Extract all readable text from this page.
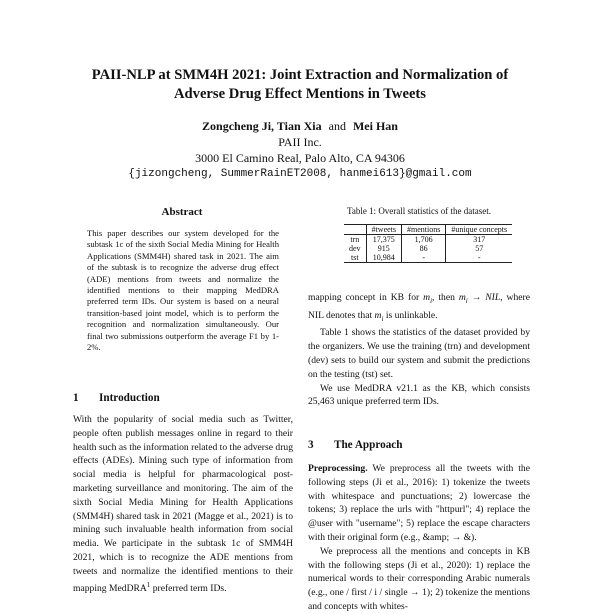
PAII-NLP at SMM4H 2021: Joint Extraction and Normalization of
Adverse Drug Effect Mentions in Tweets
Zongcheng Ji, Tian Xia and Mei Han
PAII Inc.
3000 El Camino Real, Palo Alto, CA 94306
{jizongcheng, SummerRainET2008, hanmei613}@gmail.com
Abstract
This paper describes our system developed for the subtask 1c of the sixth Social Media Mining for Health Applications (SMM4H) shared task in 2021. The aim of the subtask is to recognize the adverse drug effect (ADE) mentions from tweets and normalize the identified mentions to their mapping MedDRA preferred term IDs. Our system is based on a neural transition-based joint model, which is to perform the recognition and normalization simultaneously. Our final two submissions outperform the average F1 by 1-2%.
1 Introduction

With the popularity of social media such as Twitter, people often publish messages online in regard to their health such as the information related to the adverse drug effects (ADEs). Mining such type of information from social media is helpful for pharmacological post-marketing surveillance and monitoring. The aim of the sixth Social Media Mining for Health Applications (SMM4H) shared task in 2021 (Magge et al., 2021) is to mining such invaluable health information from social media. We participate in the subtask 1c of SMM4H 2021, which is to recognize the ADE mentions from tweets and normalize the identified mentions to their mapping MedDRA$^1$ preferred term IDs.

Table 1: Overall statistics of the dataset.
	#tweets	#mentions	#unique concepts
trn	17,375	1,706	317
dev	915	86	57
tst	10,984	-	-

mapping concept in KB for $m_i$, then $m_i$ → NIL, where NIL denotes that $m_i$ is unlinkable.

Table 1 shows the statistics of the dataset provided by the organizers. We use the training (trn) and development (dev) sets to build our system and submit the predictions on the testing (tst) set.

We use MedDRA v21.1 as the KB, which consists 25,463 unique preferred term IDs.

3 The Approach

Preprocessing. We preprocess all the tweets with the following steps (Ji et al., 2016): 1) tokenize the tweets with whitespace and punctuations; 2) lowercase the tokens; 3) replace the urls with "httpurl"; 4) replace the @user with "username"; 5) replace the escape characters with their original form (e.g., &amp; → &).

We preprocess all the mentions and concepts in KB with the following steps (Ji et al., 2020): 1) replace the numerical words to their corresponding Arabic numerals (e.g., one / first / i / single → 1); 2) tokenize the mentions and concepts with whites-
